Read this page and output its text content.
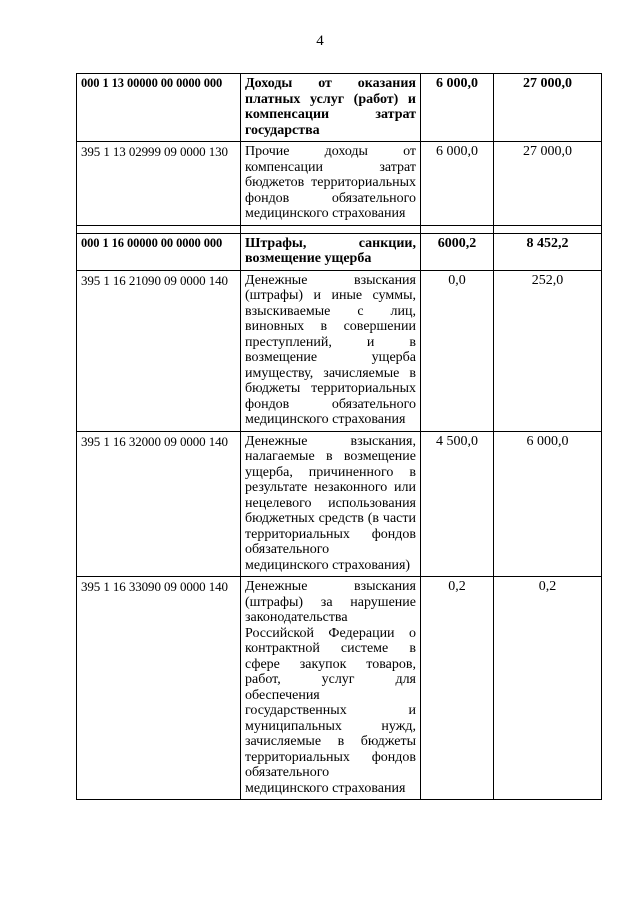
4
000 1 13 00000 00 0000 000	Доходы от оказания платных услуг (работ) и компенсации затрат государства	6 000,0	27 000,0
395 1 13 02999 09 0000 130	Прочие доходы от компенсации затрат бюджетов территориальных фондов обязательного медицинского страхования	6 000,0	27 000,0

000 1 16 00000 00 0000 000	Штрафы, санкции, возмещение ущерба	6000,2	8 452,2
395 1 16 21090 09 0000 140	Денежные взыскания (штрафы) и иные суммы, взыскиваемые с лиц, виновных в совершении преступлений, и в возмещение ущерба имуществу, зачисляемые в бюджеты территориальных фондов обязательного медицинского страхования	0,0	252,0
395 1 16 32000 09 0000 140	Денежные взыскания, налагаемые в возмещение ущерба, причиненного в результате незаконного или нецелевого использования бюджетных средств (в части территориальных фондов обязательного медицинского страхования)	4 500,0	6 000,0
395 1 16 33090 09 0000 140	Денежные взыскания (штрафы) за нарушение законодательства Российской Федерации о контрактной системе в сфере закупок товаров, работ, услуг для обеспечения государственных и муниципальных нужд, зачисляемые в бюджеты территориальных фондов обязательного медицинского страхования	0,2	0,2
